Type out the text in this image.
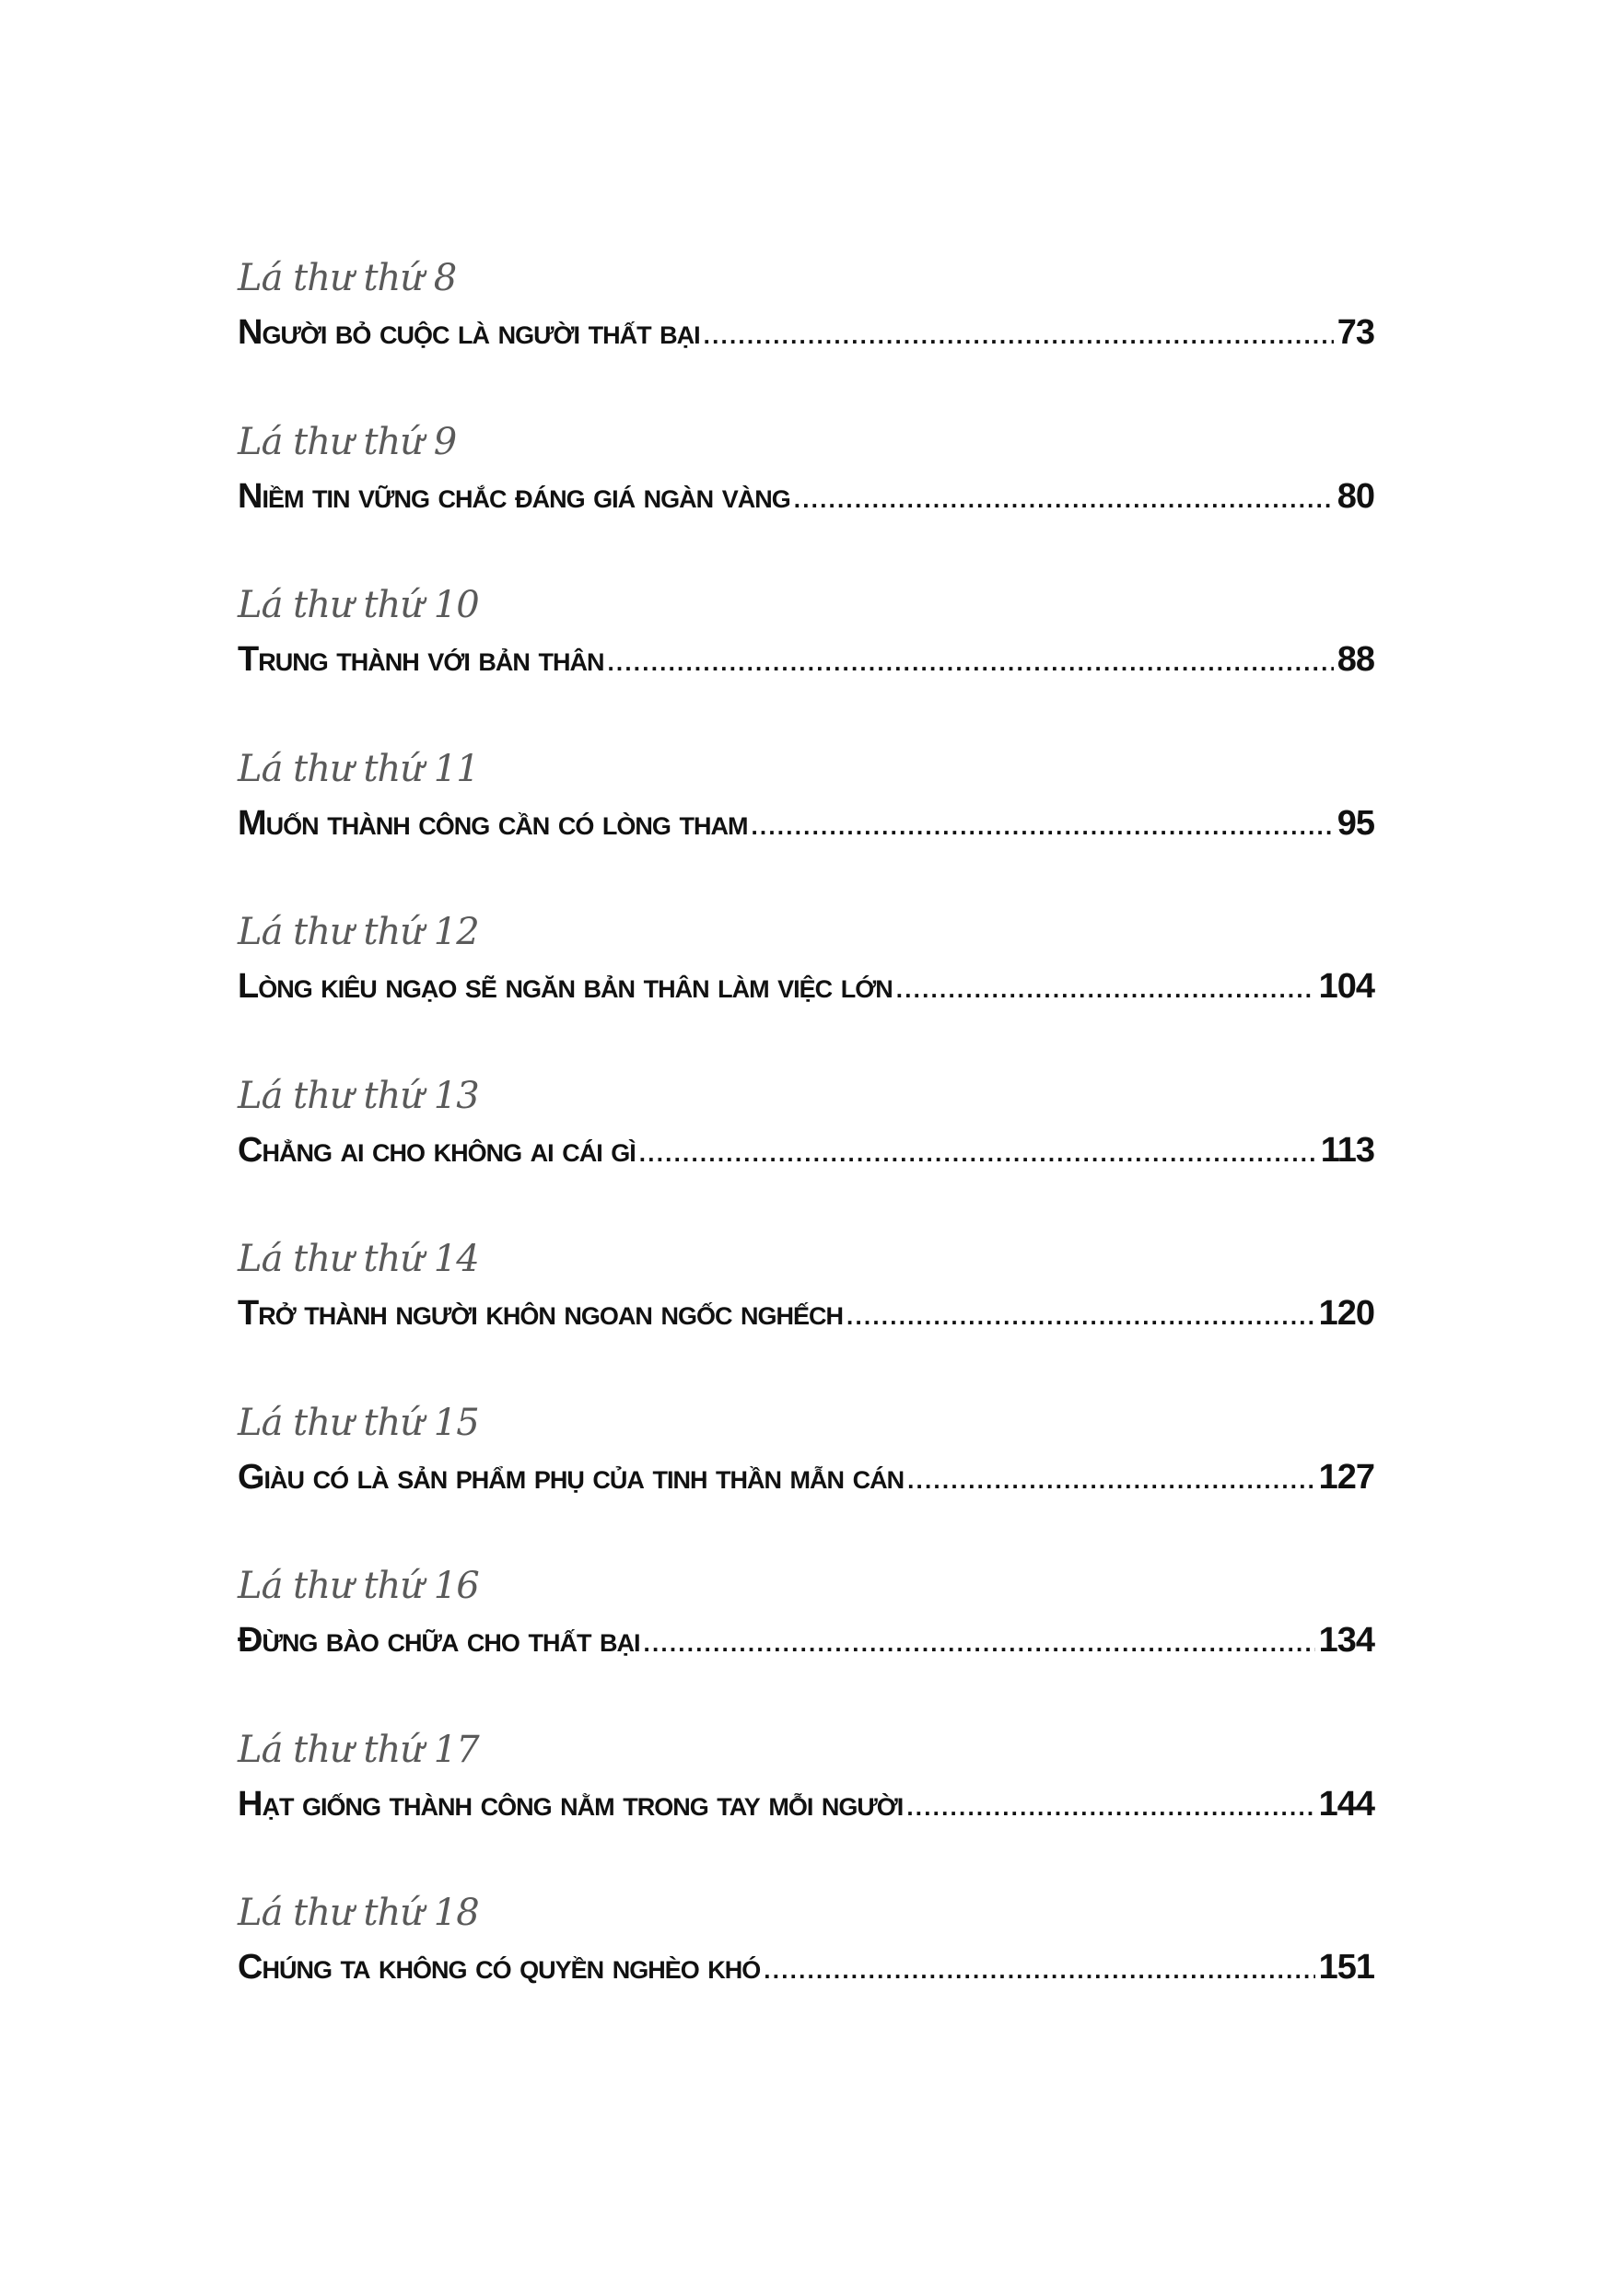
Lá thư thứ 8
Người bỏ cuộc là người thất bại . . .	73
Lá thư thứ 9
Niềm tin vững chắc đáng giá ngàn vàng . . .	80
Lá thư thứ 10
Trung thành với bản thân . . .	88
Lá thư thứ 11
Muốn thành công cần có lòng tham . . .	95
Lá thư thứ 12
Lòng kiêu ngạo sẽ ngăn bản thân làm việc lớn . . .	104
Lá thư thứ 13
Chẳng ai cho không ai cái gì . . .	113
Lá thư thứ 14
Trở thành người khôn ngoan ngốc nghếch . . .	120
Lá thư thứ 15
Giàu có là sản phẩm phụ của tinh thần mẫn cán . . .	127
Lá thư thứ 16
Đừng bào chữa cho thất bại . . .	134
Lá thư thứ 17
Hạt giống thành công nằm trong tay mỗi người . . .	144
Lá thư thứ 18
Chúng ta không có quyền nghèo khó . . .	151
